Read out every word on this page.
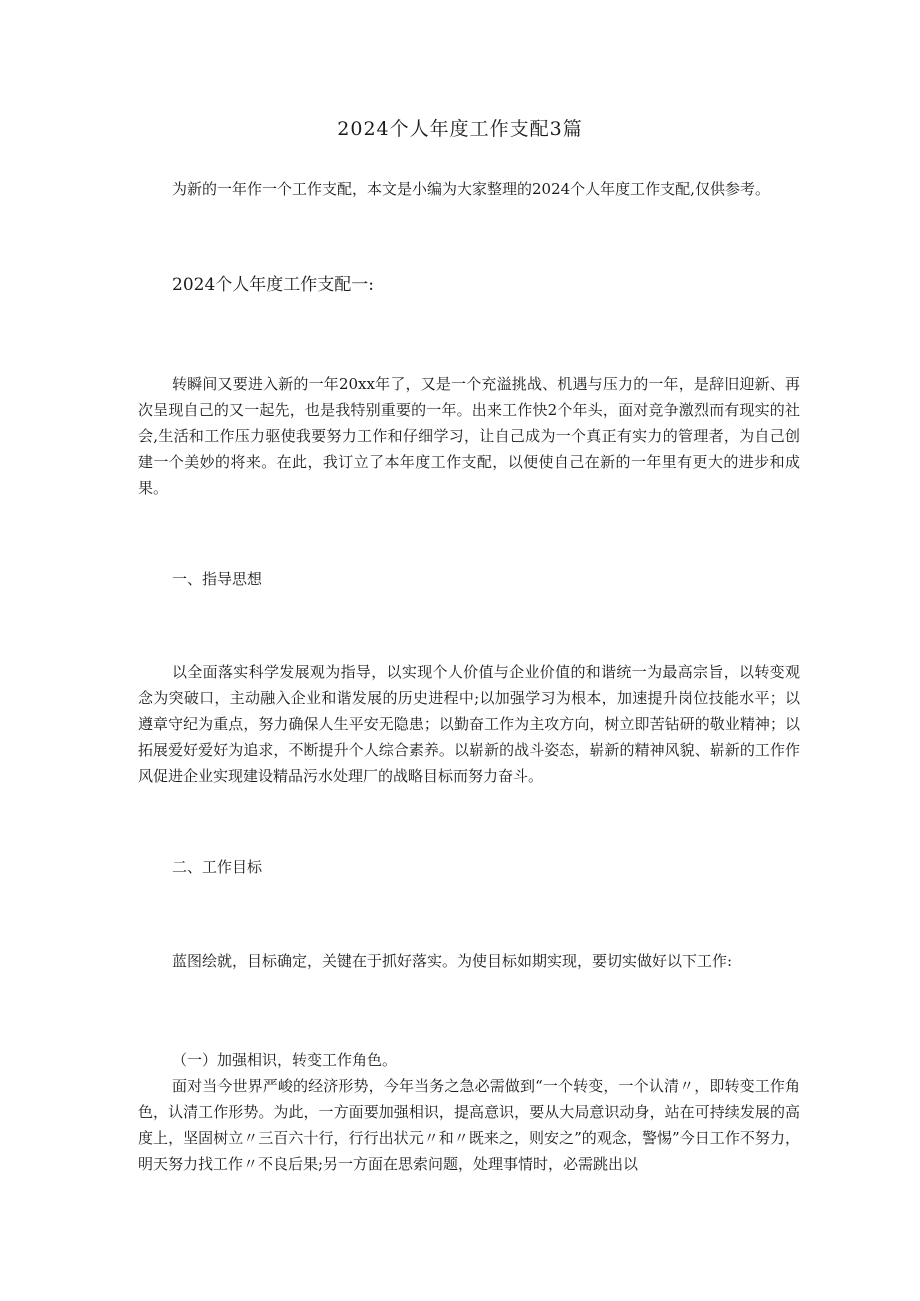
2024个人年度工作支配3篇

为新的一年作一个工作支配，本文是小编为大家整理的2024个人年度工作支配,仅供参考。

2024个人年度工作支配一:

转瞬间又要进入新的一年20xx年了，又是一个充溢挑战、机遇与压力的一年，是辞旧迎新、再次呈现自己的又一起先，也是我特别重要的一年。出来工作快2个年头，面对竞争激烈而有现实的社会,生活和工作压力驱使我要努力工作和仔细学习，让自己成为一个真正有实力的管理者，为自己创建一个美妙的将来。在此，我订立了本年度工作支配，以便使自己在新的一年里有更大的进步和成果。

一、指导思想

以全面落实科学发展观为指导，以实现个人价值与企业价值的和谐统一为最高宗旨，以转变观念为突破口，主动融入企业和谐发展的历史进程中;以加强学习为根本，加速提升岗位技能水平；以遵章守纪为重点，努力确保人生平安无隐患；以勤奋工作为主攻方向，树立即苦钻研的敬业精神；以拓展爱好爱好为追求，不断提升个人综合素养。以崭新的战斗姿态，崭新的精神风貌、崭新的工作作风促进企业实现建设精品污水处理厂的战略目标而努力奋斗。

二、工作目标

蓝图绘就，目标确定，关键在于抓好落实。为使目标如期实现，要切实做好以下工作:

（一）加强相识，转变工作角色。

面对当今世界严峻的经济形势，今年当务之急必需做到“一个转变，一个认清〃，即转变工作角色，认清工作形势。为此，一方面要加强相识，提高意识，要从大局意识动身，站在可持续发展的高度上，坚固树立〃三百六十行，行行出状元〃和〃既来之，则安之”的观念，警惕”今日工作不努力，明天努力找工作〃不良后果;另一方面在思索问题，处理事情时，必需跳出以
